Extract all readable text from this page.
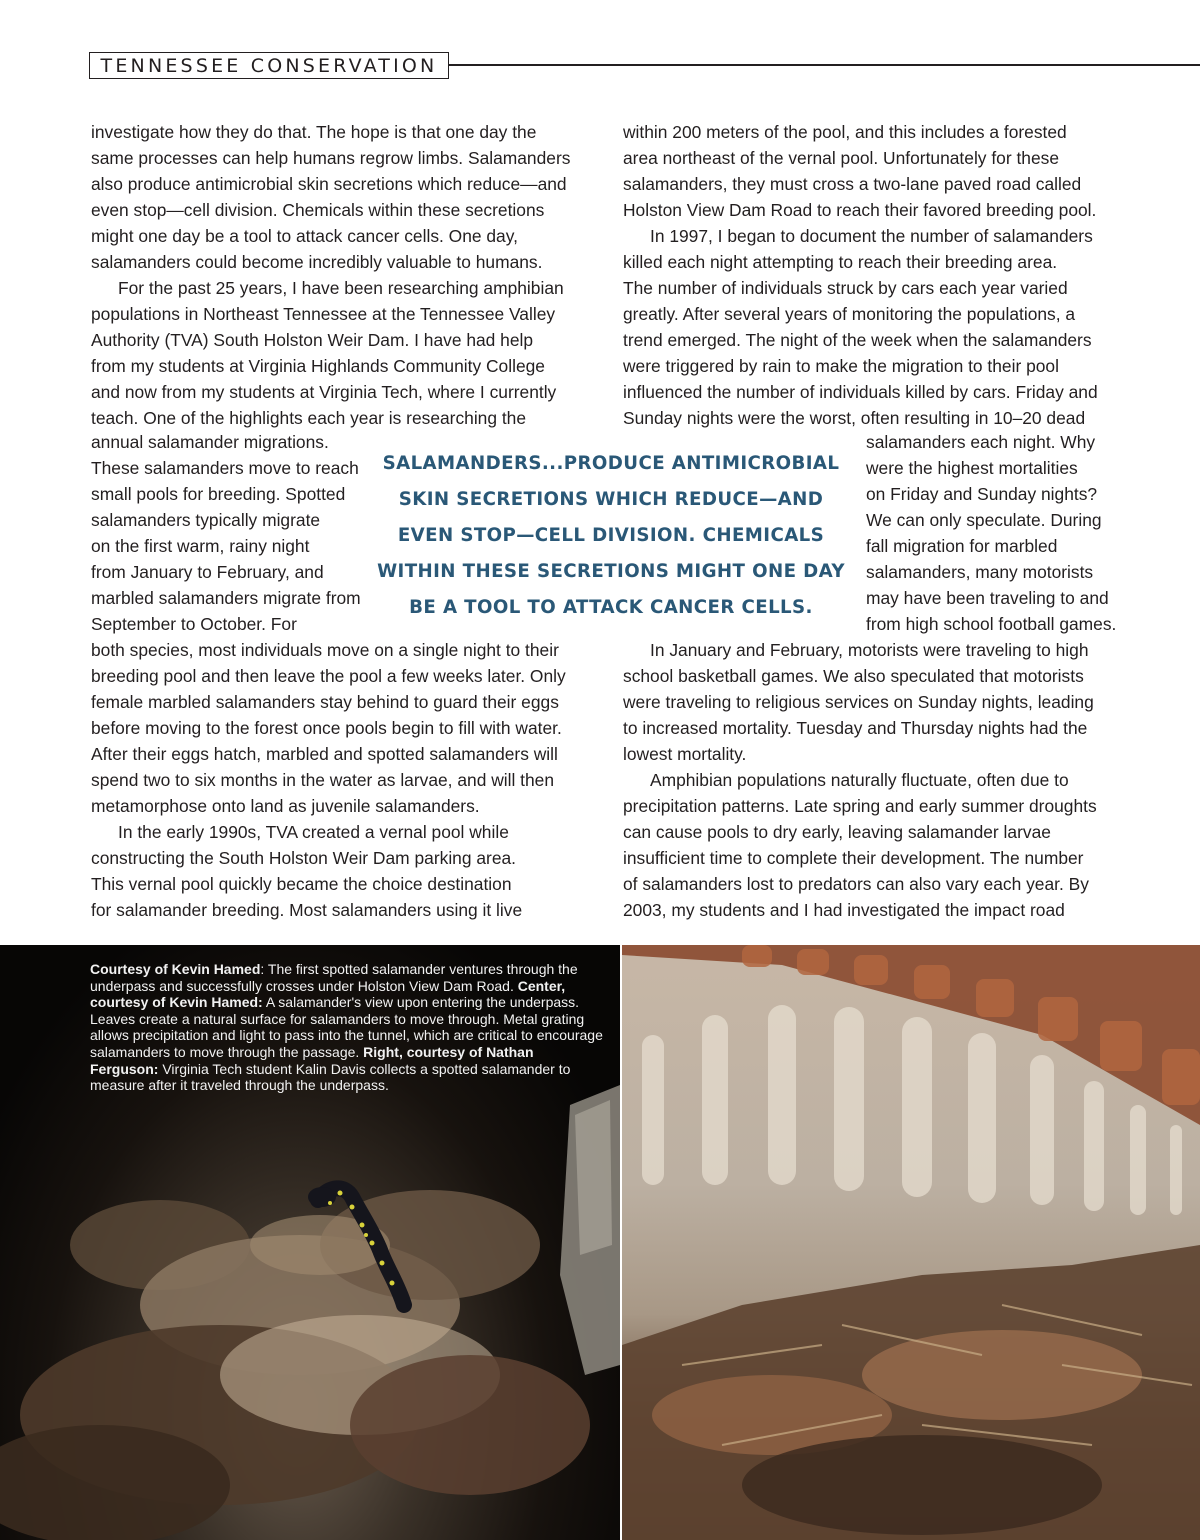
TENNESSEE CONSERVATION

investigate how they do that. The hope is that one day the

same processes can help humans regrow limbs. Salamanders

also produce antimicrobial skin secretions which reduce—and

even stop—cell division. Chemicals within these secretions

might one day be a tool to attack cancer cells. One day,

salamanders could become incredibly valuable to humans.

For the past 25 years, I have been researching amphibian

populations in Northeast Tennessee at the Tennessee Valley

Authority (TVA) South Holston Weir Dam. I have had help

from my students at Virginia Highlands Community College

and now from my students at Virginia Tech, where I currently

teach. One of the highlights each year is researching the

annual salamander migrations.

These salamanders move to reach

small pools for breeding. Spotted

salamanders typically migrate

on the first warm, rainy night

from January to February, and

marbled salamanders migrate from

September to October. For

both species, most individuals move on a single night to their

breeding pool and then leave the pool a few weeks later. Only

female marbled salamanders stay behind to guard their eggs

before moving to the forest once pools begin to fill with water.

After their eggs hatch, marbled and spotted salamanders will

spend two to six months in the water as larvae, and will then

metamorphose onto land as juvenile salamanders.

In the early 1990s, TVA created a vernal pool while

constructing the South Holston Weir Dam parking area.

This vernal pool quickly became the choice destination

for salamander breeding. Most salamanders using it live

within 200 meters of the pool, and this includes a forested

area northeast of the vernal pool. Unfortunately for these

salamanders, they must cross a two-lane paved road called

Holston View Dam Road to reach their favored breeding pool.

In 1997, I began to document the number of salamanders

killed each night attempting to reach their breeding area.

The number of individuals struck by cars each year varied

greatly. After several years of monitoring the populations, a

trend emerged. The night of the week when the salamanders

were triggered by rain to make the migration to their pool

influenced the number of individuals killed by cars. Friday and

Sunday nights were the worst, often resulting in 10–20 dead

salamanders each night. Why

were the highest mortalities

on Friday and Sunday nights?

We can only speculate. During

fall migration for marbled

salamanders, many motorists

may have been traveling to and

from high school football games.

In January and February, motorists were traveling to high

school basketball games. We also speculated that motorists

were traveling to religious services on Sunday nights, leading

to increased mortality. Tuesday and Thursday nights had the

lowest mortality.

Amphibian populations naturally fluctuate, often due to

precipitation patterns. Late spring and early summer droughts

can cause pools to dry early, leaving salamander larvae

insufficient time to complete their development. The number

of salamanders lost to predators can also vary each year. By

2003, my students and I had investigated the impact road

SALAMANDERS...PRODUCE ANTIMICROBIAL

SKIN SECRETIONS WHICH REDUCE—AND

EVEN STOP—CELL DIVISION. CHEMICALS

WITHIN THESE SECRETIONS MIGHT ONE DAY

BE A TOOL TO ATTACK CANCER CELLS.

Courtesy of Kevin Hamed: The first spotted salamander ventures through the underpass and successfully crosses under Holston View Dam Road. Center, courtesy of Kevin Hamed: A salamander's view upon entering the underpass. Leaves create a natural surface for salamanders to move through. Metal grating allows precipitation and light to pass into the tunnel, which are critical to encourage salamanders to move through the passage. Right, courtesy of Nathan Ferguson: Virginia Tech student Kalin Davis collects a spotted salamander to measure after it traveled through the underpass.
